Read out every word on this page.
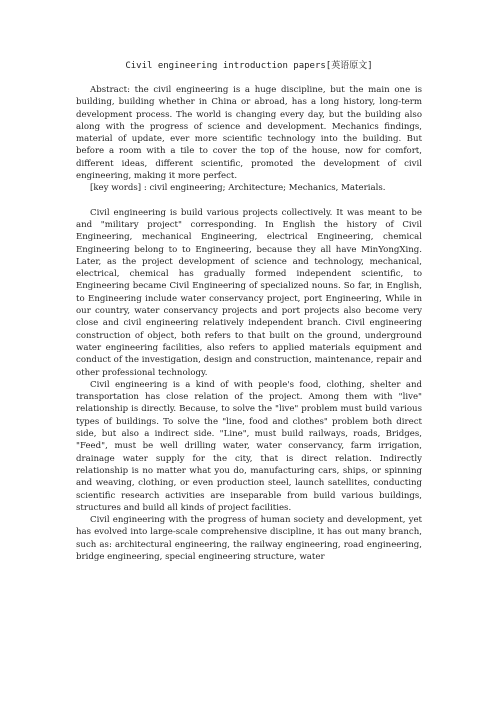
Civil engineering introduction papers[英语原文]

Abstract: the civil engineering is a huge discipline, but the main one is building, building whether in China or abroad, has a long history, long-term development process. The world is changing every day, but the building also along with the progress of science and development. Mechanics findings, material of update, ever more scientific technology into the building. But before a room with a tile to cover the top of the house, now for comfort, different ideas, different scientific, promoted the development of civil engineering, making it more perfect.

[key words] : civil engineering; Architecture; Mechanics, Materials.

Civil engineering is build various projects collectively. It was meant to be and "military project" corresponding. In English the history of Civil Engineering, mechanical Engineering, electrical Engineering, chemical Engineering belong to to Engineering, because they all have MinYongXing. Later, as the project development of science and technology, mechanical, electrical, chemical has gradually formed independent scientific, to Engineering became Civil Engineering of specialized nouns. So far, in English, to Engineering include water conservancy project, port Engineering, While in our country, water conservancy projects and port projects also become very close and civil engineering relatively independent branch. Civil engineering construction of object, both refers to that built on the ground, underground water engineering facilities, also refers to applied materials equipment and conduct of the investigation, design and construction, maintenance, repair and other professional technology.

Civil engineering is a kind of with people's food, clothing, shelter and transportation has close relation of the project. Among them with "live" relationship is directly. Because, to solve the "live" problem must build various types of buildings. To solve the "line, food and clothes" problem both direct side, but also a indirect side. "Line", must build railways, roads, Bridges, "Feed", must be well drilling water, water conservancy, farm irrigation, drainage water supply for the city, that is direct relation. Indirectly relationship is no matter what you do, manufacturing cars, ships, or spinning and weaving, clothing, or even production steel, launch satellites, conducting scientific research activities are inseparable from build various buildings, structures and build all kinds of project facilities.

Civil engineering with the progress of human society and development, yet has evolved into large-scale comprehensive discipline, it has out many branch, such as: architectural engineering, the railway engineering, road engineering, bridge engineering, special engineering structure, water
